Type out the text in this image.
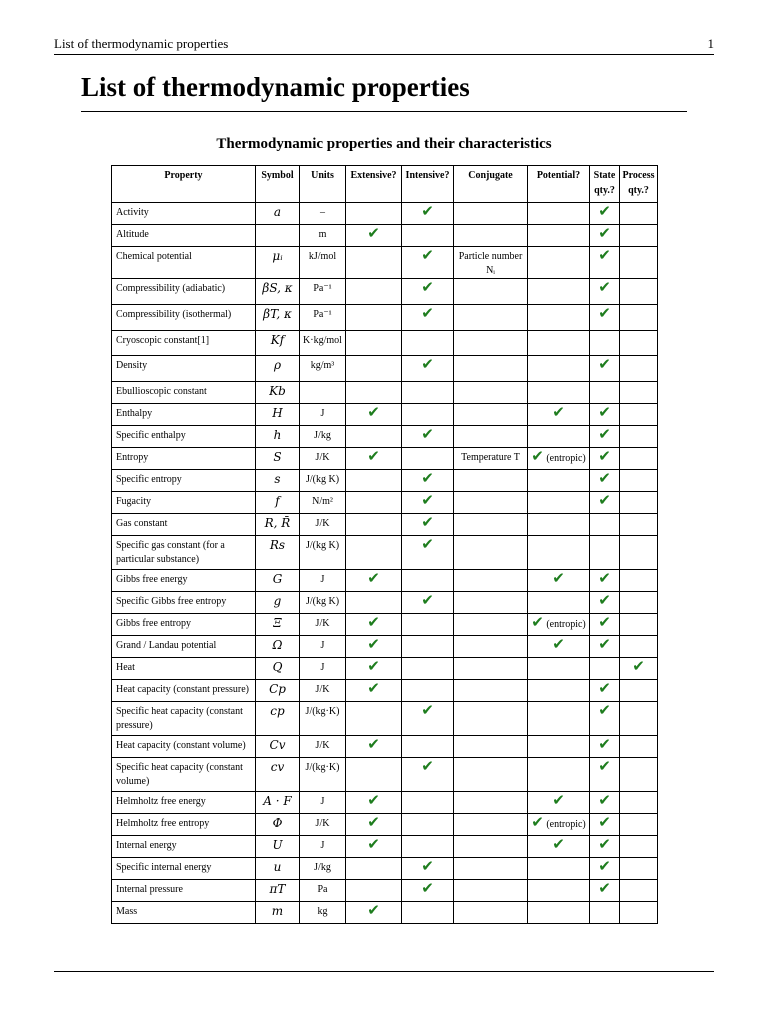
List of thermodynamic properties	1
List of thermodynamic properties
Thermodynamic properties and their characteristics
Property	Symbol	Units	Extensive?	Intensive?	Conjugate	Potential?	State qty.?	Process qty.?
Activity	a	–		✔			✔	
Altitude		m	✔				✔	
Chemical potential	μᵢ	kJ/mol		✔	Particle number Nᵢ		✔	
Compressibility (adiabatic)	βS, κ	Pa⁻¹		✔			✔	
Compressibility (isothermal)	βT, κ	Pa⁻¹		✔			✔	
Cryoscopic constant[1]	Kf	K·kg/mol						
Density	ρ	kg/m³		✔			✔	
Ebullioscopic constant	Kb							
Enthalpy	H	J	✔			✔	✔	
Specific enthalpy	h	J/kg		✔			✔	
Entropy	S	J/K	✔		Temperature T	✔ (entropic)	✔	
Specific entropy	s	J/(kg K)		✔			✔	
Fugacity	f	N/m²		✔			✔	
Gas constant	R, R̄	J/K		✔				
Specific gas constant (for a particular substance)	Rs	J/(kg K)		✔				
Gibbs free energy	G	J	✔			✔	✔	
Specific Gibbs free entropy	g	J/(kg K)		✔			✔	
Gibbs free entropy	Ξ	J/K	✔			✔ (entropic)	✔	
Grand / Landau potential	Ω	J	✔			✔	✔	
Heat	Q	J	✔					✔
Heat capacity (constant pressure)	Cp	J/K	✔				✔	
Specific heat capacity (constant pressure)	cp	J/(kg·K)		✔			✔	
Heat capacity (constant volume)	Cv	J/K	✔				✔	
Specific heat capacity (constant volume)	cv	J/(kg·K)		✔			✔	
Helmholtz free energy	A · F	J	✔			✔	✔	
Helmholtz free entropy	Φ	J/K	✔			✔ (entropic)	✔	
Internal energy	U	J	✔			✔	✔	
Specific internal energy	u	J/kg		✔			✔	
Internal pressure	πT	Pa		✔			✔	
Mass	m	kg	✔					
